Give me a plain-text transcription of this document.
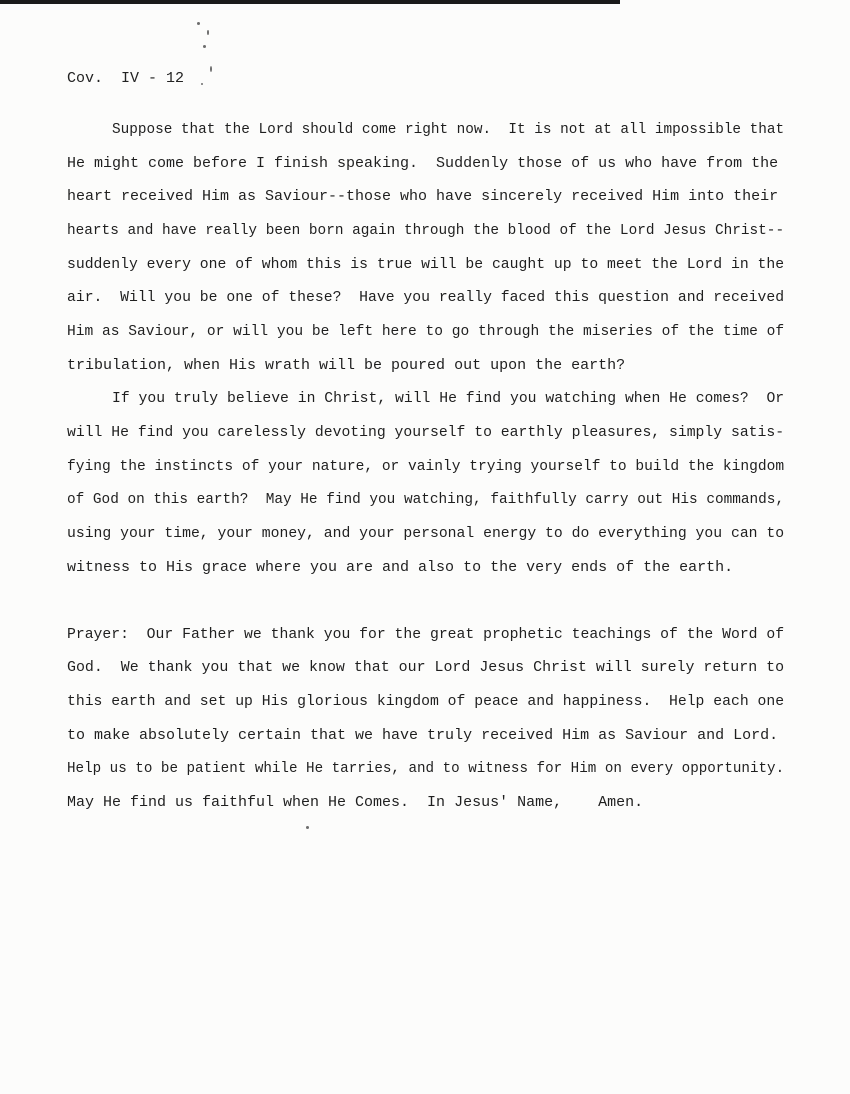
Cov.  IV - 12
Suppose that the Lord should come right now.  It is not at all impossible that
He might come before I finish speaking.  Suddenly those of us who have from the
heart received Him as Saviour--those who have sincerely received Him into their
hearts and have really been born again through the blood of the Lord Jesus Christ--
suddenly every one of whom this is true will be caught up to meet the Lord in the
air.  Will you be one of these?  Have you really faced this question and received
Him as Saviour, or will you be left here to go through the miseries of the time of
tribulation, when His wrath will be poured out upon the earth?
If you truly believe in Christ, will He find you watching when He comes?  Or
will He find you carelessly devoting yourself to earthly pleasures, simply satis-
fying the instincts of your nature, or vainly trying yourself to build the kingdom
of God on this earth?  May He find you watching, faithfully carry out His commands,
using your time, your money, and your personal energy to do everything you can to
witness to His grace where you are and also to the very ends of the earth.
Prayer:  Our Father we thank you for the great prophetic teachings of the Word of
God.  We thank you that we know that our Lord Jesus Christ will surely return to
this earth and set up His glorious kingdom of peace and happiness.  Help each one
to make absolutely certain that we have truly received Him as Saviour and Lord.
Help us to be patient while He tarries, and to witness for Him on every opportunity.
May He find us faithful when He Comes.  In Jesus' Name,    Amen.
